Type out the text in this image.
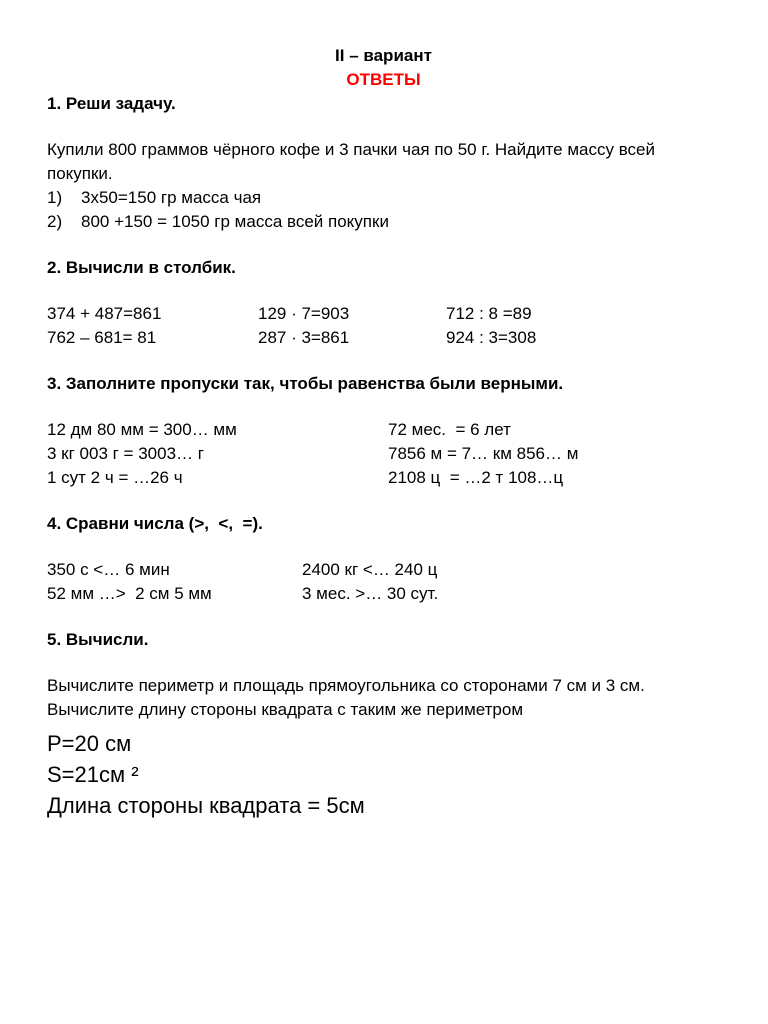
II – вариант
ОТВЕТЫ
1. Реши задачу.
Купили 800 граммов чёрного кофе и 3 пачки чая по 50 г. Найдите массу всей покупки.
1)    3х50=150 гр масса чая
2)    800 +150 = 1050 гр масса всей покупки
2. Вычисли в столбик.
374 + 487=861	129 · 7=903	712 : 8 =89
762 – 681= 81	287 · 3=861	924 : 3=308
3. Заполните пропуски так, чтобы равенства были верными.
12 дм 80 мм = 300… мм	72 мес.  = 6 лет
3 кг 003 г = 3003… г	7856 м = 7… км 856… м
1 сут 2 ч = …26 ч	2108 ц  = …2 т 108…ц
4. Сравни числа (>,  <,  =).
350 с <… 6 мин	2400 кг <… 240 ц
52 мм …>  2 см 5 мм	3 мес. >… 30 сут.
5. Вычисли.
Вычислите периметр и площадь прямоугольника со сторонами 7 см и 3 см. Вычислите длину стороны квадрата с таким же периметром
Р=20 см
S=21см ²
Длина стороны квадрата = 5см
